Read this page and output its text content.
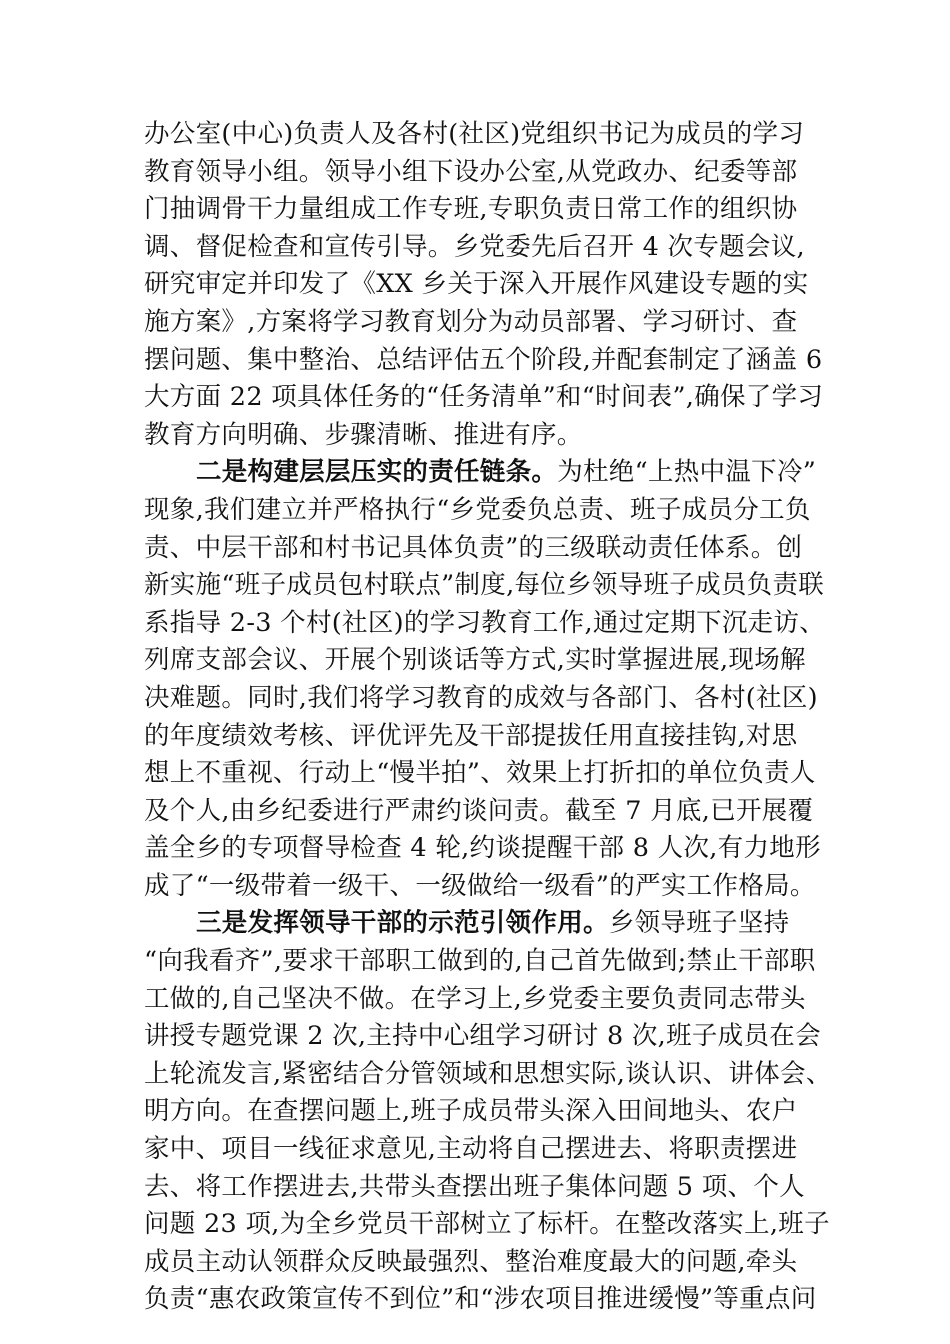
办公室(中心)负责人及各村(社区)党组织书记为成员的学习
教育领导小组。领导小组下设办公室,从党政办、纪委等部
门抽调骨干力量组成工作专班,专职负责日常工作的组织协
调、督促检查和宣传引导。乡党委先后召开 4 次专题会议,
研究审定并印发了《XX 乡关于深入开展作风建设专题的实
施方案》,方案将学习教育划分为动员部署、学习研讨、查
摆问题、集中整治、总结评估五个阶段,并配套制定了涵盖 6
大方面 22 项具体任务的“任务清单”和“时间表”,确保了学习
教育方向明确、步骤清晰、推进有序。
二是构建层层压实的责任链条。为杜绝“上热中温下冷”
现象,我们建立并严格执行“乡党委负总责、班子成员分工负
责、中层干部和村书记具体负责”的三级联动责任体系。创
新实施“班子成员包村联点”制度,每位乡领导班子成员负责联
系指导 2-3 个村(社区)的学习教育工作,通过定期下沉走访、
列席支部会议、开展个别谈话等方式,实时掌握进展,现场解
决难题。同时,我们将学习教育的成效与各部门、各村(社区)
的年度绩效考核、评优评先及干部提拔任用直接挂钩,对思
想上不重视、行动上“慢半拍”、效果上打折扣的单位负责人
及个人,由乡纪委进行严肃约谈问责。截至 7 月底,已开展覆
盖全乡的专项督导检查 4 轮,约谈提醒干部 8 人次,有力地形
成了“一级带着一级干、一级做给一级看”的严实工作格局。
三是发挥领导干部的示范引领作用。乡领导班子坚持
“向我看齐”,要求干部职工做到的,自己首先做到;禁止干部职
工做的,自己坚决不做。在学习上,乡党委主要负责同志带头
讲授专题党课 2 次,主持中心组学习研讨 8 次,班子成员在会
上轮流发言,紧密结合分管领域和思想实际,谈认识、讲体会、
明方向。在查摆问题上,班子成员带头深入田间地头、农户
家中、项目一线征求意见,主动将自己摆进去、将职责摆进
去、将工作摆进去,共带头查摆出班子集体问题 5 项、个人
问题 23 项,为全乡党员干部树立了标杆。在整改落实上,班子
成员主动认领群众反映最强烈、整治难度最大的问题,牵头
负责“惠农政策宣传不到位”和“涉农项目推进缓慢”等重点问
